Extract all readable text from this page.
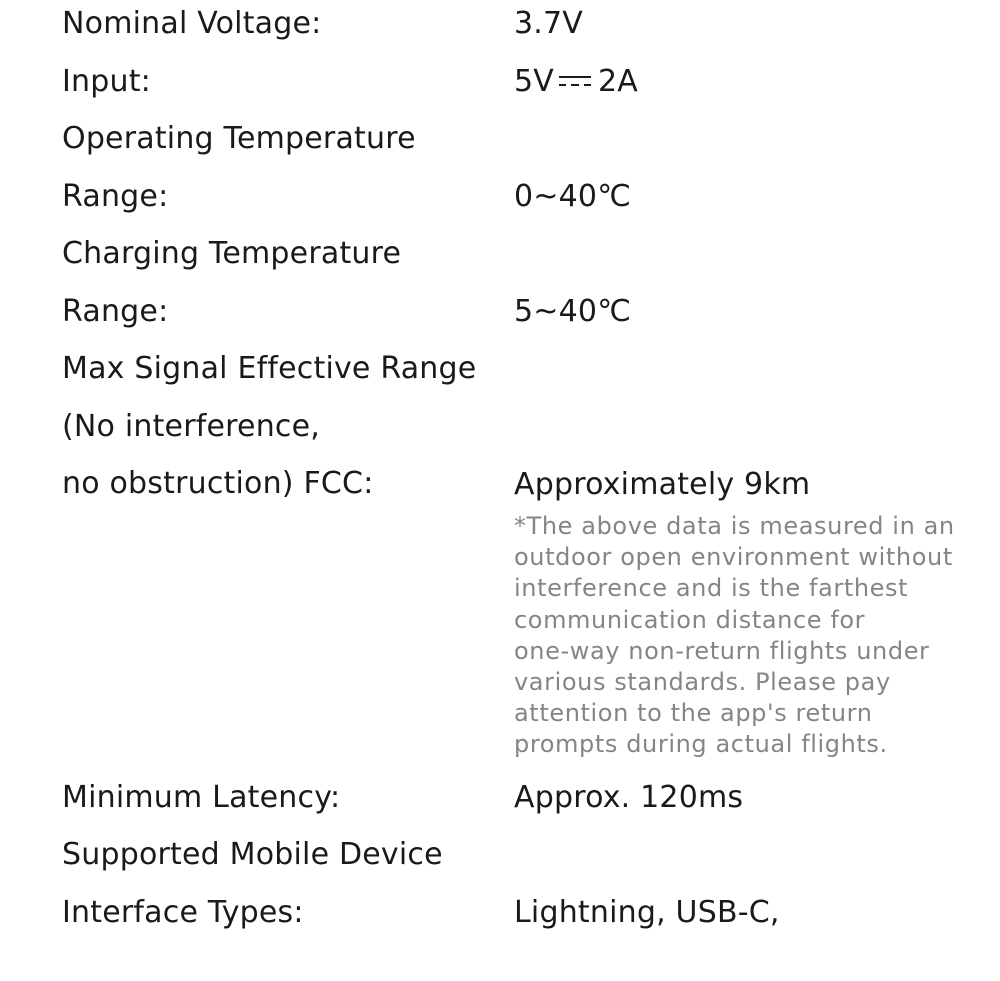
Nominal Voltage:	3.7V
Input:	5V 2A
Operating Temperature
Range:	0~40℃
Charging Temperature
Range:	5~40℃
Max Signal Effective Range
(No interference,
no obstruction) FCC:	Approximately 9km
*The above data is measured in an
outdoor open environment without
interference and is the farthest
communication distance for
one-way non-return flights under
various standards. Please pay
attention to the app's return
prompts during actual flights.
Minimum Latency:	Approx. 120ms
Supported Mobile Device
Interface Types:	Lightning, USB-C,
